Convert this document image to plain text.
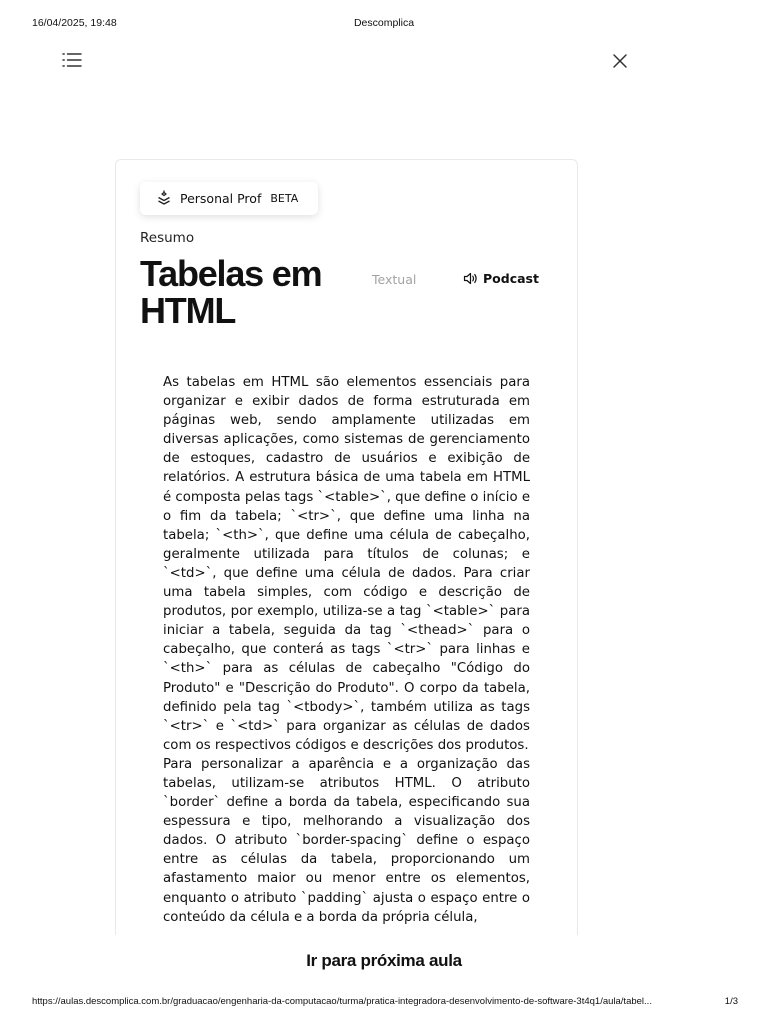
16/04/2025, 19:48	Descomplica
Personal Prof BETA
Resumo
Tabelas em HTML
Textual	Podcast

As tabelas em HTML são elementos essenciais para organizar e exibir dados de forma estruturada em páginas web, sendo amplamente utilizadas em diversas aplicações, como sistemas de gerenciamento de estoques, cadastro de usuários e exibição de relatórios. A estrutura básica de uma tabela em HTML é composta pelas tags `<table>`, que define o início e o fim da tabela; `<tr>`, que define uma linha na tabela; `<th>`, que define uma célula de cabeçalho, geralmente utilizada para títulos de colunas; e `<td>`, que define uma célula de dados. Para criar uma tabela simples, com código e descrição de produtos, por exemplo, utiliza-se a tag `<table>` para iniciar a tabela, seguida da tag `<thead>` para o cabeçalho, que conterá as tags `<tr>` para linhas e `<th>` para as células de cabeçalho "Código do Produto" e "Descrição do Produto". O corpo da tabela, definido pela tag `<tbody>`, também utiliza as tags `<tr>` e `<td>` para organizar as células de dados com os respectivos códigos e descrições dos produtos.

Para personalizar a aparência e a organização das tabelas, utilizam-se atributos HTML. O atributo `border` define a borda da tabela, especificando sua espessura e tipo, melhorando a visualização dos dados. O atributo `border-spacing` define o espaço entre as células da tabela, proporcionando um afastamento maior ou menor entre os elementos, enquanto o atributo `padding` ajusta o espaço entre o conteúdo da célula e a borda da própria célula,

Ir para próxima aula
https://aulas.descomplica.com.br/graduacao/engenharia-da-computacao/turma/pratica-integradora-desenvolvimento-de-software-3t4q1/aula/tabel...	1/3
